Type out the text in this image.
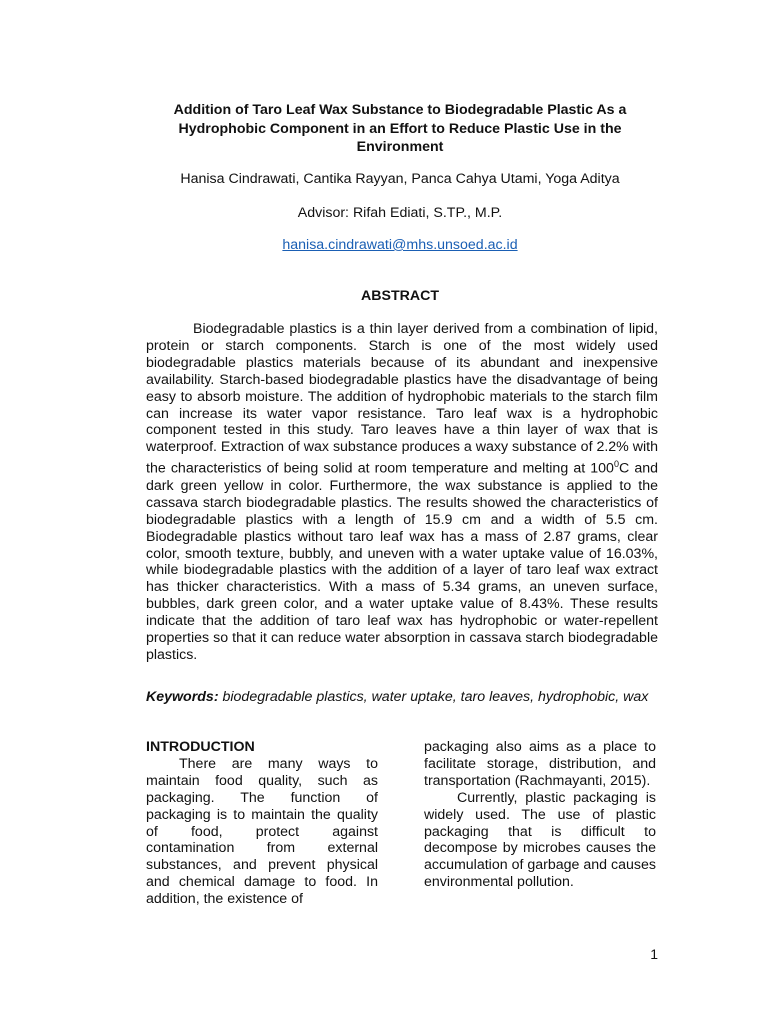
Addition of Taro Leaf Wax Substance to Biodegradable Plastic As a Hydrophobic Component in an Effort to Reduce Plastic Use in the Environment
Hanisa Cindrawati, Cantika Rayyan, Panca Cahya Utami, Yoga Aditya
Advisor: Rifah Ediati, S.TP., M.P.
hanisa.cindrawati@mhs.unsoed.ac.id
ABSTRACT

Biodegradable plastics is a thin layer derived from a combination of lipid, protein or starch components. Starch is one of the most widely used biodegradable plastics materials because of its abundant and inexpensive availability. Starch-based biodegradable plastics have the disadvantage of being easy to absorb moisture. The addition of hydrophobic materials to the starch film can increase its water vapor resistance. Taro leaf wax is a hydrophobic component tested in this study. Taro leaves have a thin layer of wax that is waterproof. Extraction of wax substance produces a waxy substance of 2.2% with the characteristics of being solid at room temperature and melting at $100^0C$ and dark green yellow in color. Furthermore, the wax substance is applied to the cassava starch biodegradable plastics. The results showed the characteristics of biodegradable plastics with a length of 15.9 cm and a width of 5.5 cm. Biodegradable plastics without taro leaf wax has a mass of 2.87 grams, clear color, smooth texture, bubbly, and uneven with a water uptake value of 16.03%, while biodegradable plastics with the addition of a layer of taro leaf wax extract has thicker characteristics. With a mass of 5.34 grams, an uneven surface, bubbles, dark green color, and a water uptake value of 8.43%. These results indicate that the addition of taro leaf wax has hydrophobic or water-repellent properties so that it can reduce water absorption in cassava starch biodegradable plastics.

Keywords: biodegradable plastics, water uptake, taro leaves, hydrophobic, wax
INTRODUCTION

There are many ways to maintain food quality, such as packaging. The function of packaging is to maintain the quality of food, protect against contamination from external substances, and prevent physical and chemical damage to food. In addition, the existence of

packaging also aims as a place to facilitate storage, distribution, and transportation (Rachmayanti, 2015).

Currently, plastic packaging is widely used. The use of plastic packaging that is difficult to decompose by microbes causes the accumulation of garbage and causes environmental pollution.

1
